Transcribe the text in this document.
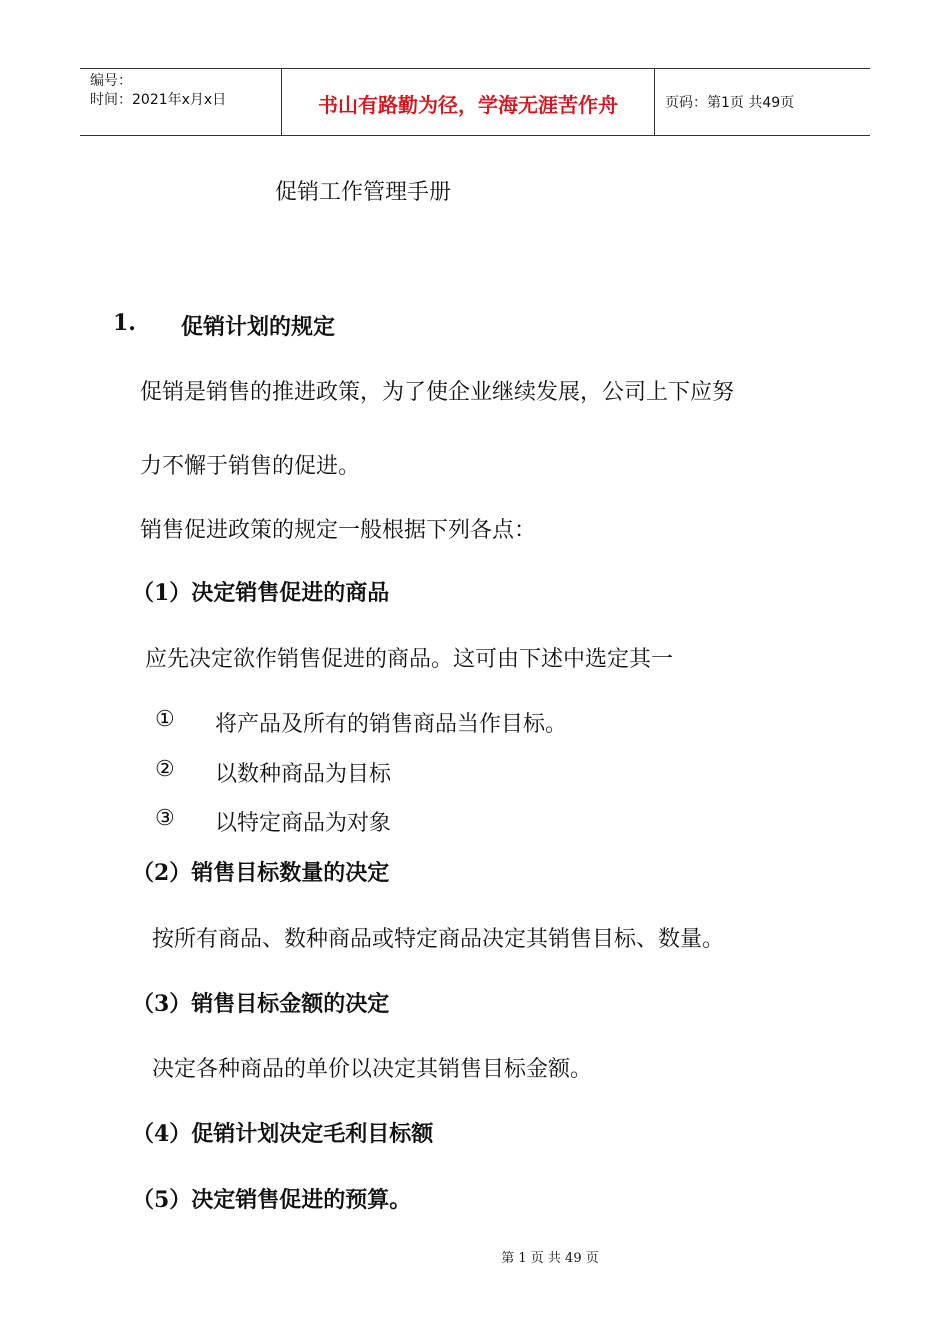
编号：
时间：2021年x月x日	书山有路勤为径，学海无涯苦作舟	页码：第1页 共49页
促销工作管理手册
1. 促销计划的规定
促销是销售的推进政策，为了使企业继续发展，公司上下应努
力不懈于销售的促进。
销售促进政策的规定一般根据下列各点：
（1）决定销售促进的商品
应先决定欲作销售促进的商品。这可由下述中选定其一
① 将产品及所有的销售商品当作目标。
② 以数种商品为目标
③ 以特定商品为对象
（2）销售目标数量的决定
按所有商品、数种商品或特定商品决定其销售目标、数量。
（3）销售目标金额的决定
决定各种商品的单价以决定其销售目标金额。
（4）促销计划决定毛利目标额
（5）决定销售促进的预算。
第 1 页 共 49 页
